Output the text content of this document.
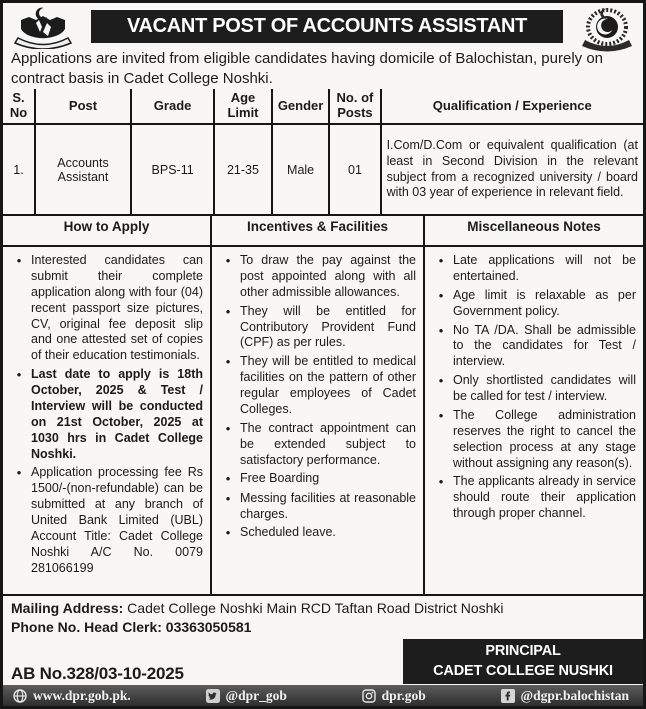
VACANT POST OF ACCOUNTS ASSISTANT
Applications are invited from eligible candidates having domicile of Balochistan, purely on contract basis in Cadet College Noshki.
S. No	Post	Grade	Age Limit	Gender	No. of Posts	Qualification / Experience
1.	Accounts Assistant	BPS-11	21-35	Male	01	I.Com/D.Com or equivalent qualification (at least in Second Division in the relevant subject from a recognized university / board with 03 year of experience in relevant field.
How to Apply
• Interested candidates can submit their complete application along with four (04) recent passport size pictures, CV, original fee deposit slip and one attested set of copies of their education testimonials.
• Last date to apply is 18th October, 2025 & Test / Interview will be conducted on 21st October, 2025 at 1030 hrs in Cadet College Noshki.
• Application processing fee Rs 1500/-(non-refundable) can be submitted at any branch of United Bank Limited (UBL) Account Title: Cadet College Noshki A/C No. 0079 281066199
Incentives & Facilities
• To draw the pay against the post appointed along with all other admissible allowances.
• They will be entitled for Contributory Provident Fund (CPF) as per rules.
• They will be entitled to medical facilities on the pattern of other regular employees of Cadet Colleges.
• The contract appointment can be extended subject to satisfactory performance.
• Free Boarding
• Messing facilities at reasonable charges.
• Scheduled leave.
Miscellaneous Notes
• Late applications will not be entertained.
• Age limit is relaxable as per Government policy.
• No TA /DA. Shall be admissible to the candidates for Test / interview.
• Only shortlisted candidates will be called for test / interview.
• The College administration reserves the right to cancel the selection process at any stage without assigning any reason(s).
• The applicants already in service should route their application through proper channel.
Mailing Address: Cadet College Noshki Main RCD Taftan Road District Noshki
Phone No. Head Clerk: 03363050581
AB No.328/03-10-2025
PRINCIPAL
CADET COLLEGE NUSHKI
www.dpr.gob.pk.	@dpr_gob	dpr.gob	@dgpr.balochistan
